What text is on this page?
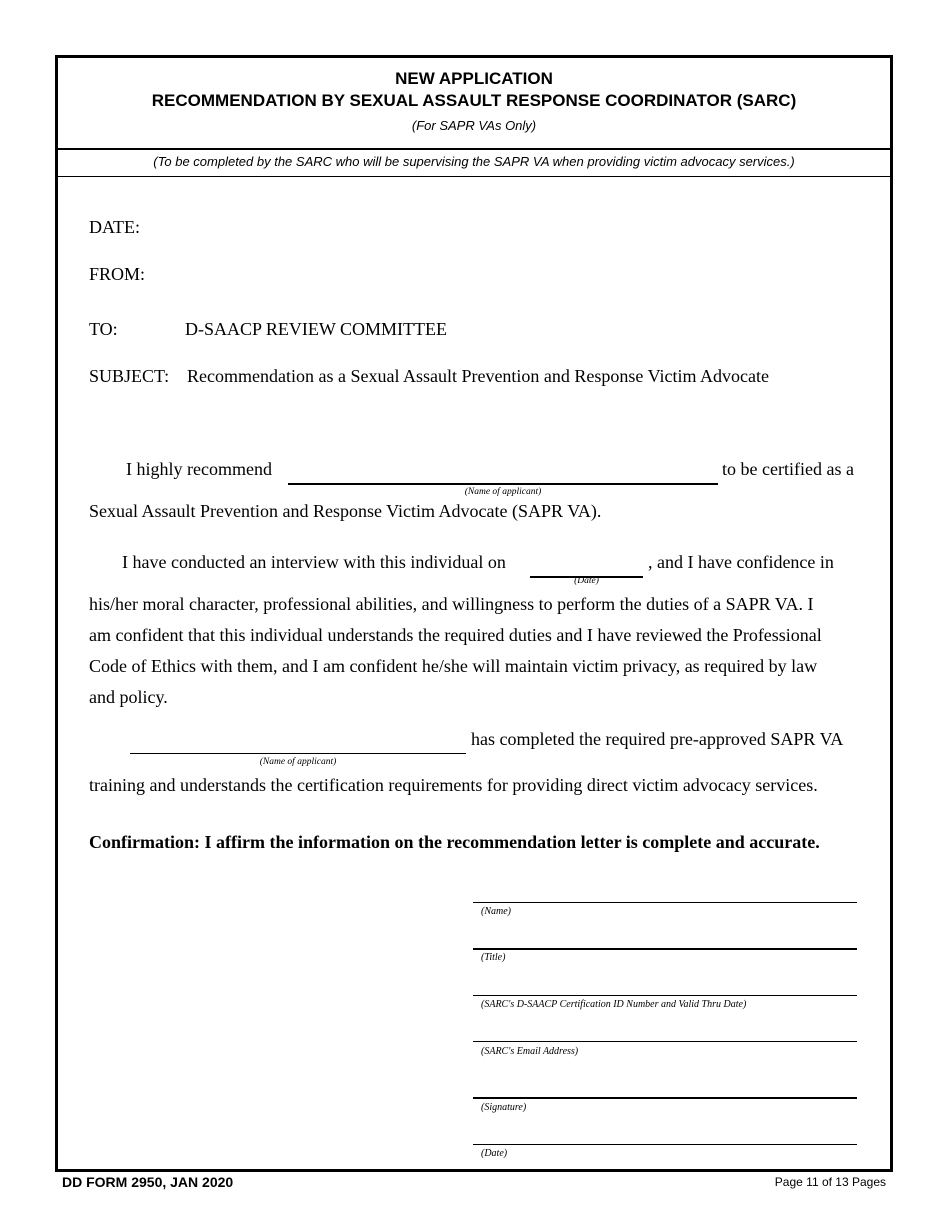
NEW APPLICATION
RECOMMENDATION BY SEXUAL ASSAULT RESPONSE COORDINATOR (SARC)
(For SAPR VAs Only)
(To be completed by the SARC who will be supervising the SAPR VA when providing victim advocacy services.)
DATE:
FROM:
TO:	D-SAACP REVIEW COMMITTEE
SUBJECT: Recommendation as a Sexual Assault Prevention and Response Victim Advocate
I highly recommend
(Name of applicant)
to be certified as a
Sexual Assault Prevention and Response Victim Advocate (SAPR VA).
I have conducted an interview with this individual on
(Date)
, and I have confidence in
his/her moral character, professional abilities, and willingness to perform the duties of a SAPR VA. I
am confident that this individual understands the required duties and I have reviewed the Professional
Code of Ethics with them, and I am confident he/she will maintain victim privacy, as required by law
and policy.
(Name of applicant)
has completed the required pre-approved SAPR VA
training and understands the certification requirements for providing direct victim advocacy services.
Confirmation: I affirm the information on the recommendation letter is complete and accurate.
(Name)
(Title)
(SARC's D-SAACP Certification ID Number and Valid Thru Date)
(SARC's Email Address)
(Signature)
(Date)
DD FORM 2950, JAN 2020	Page 11 of 13 Pages
